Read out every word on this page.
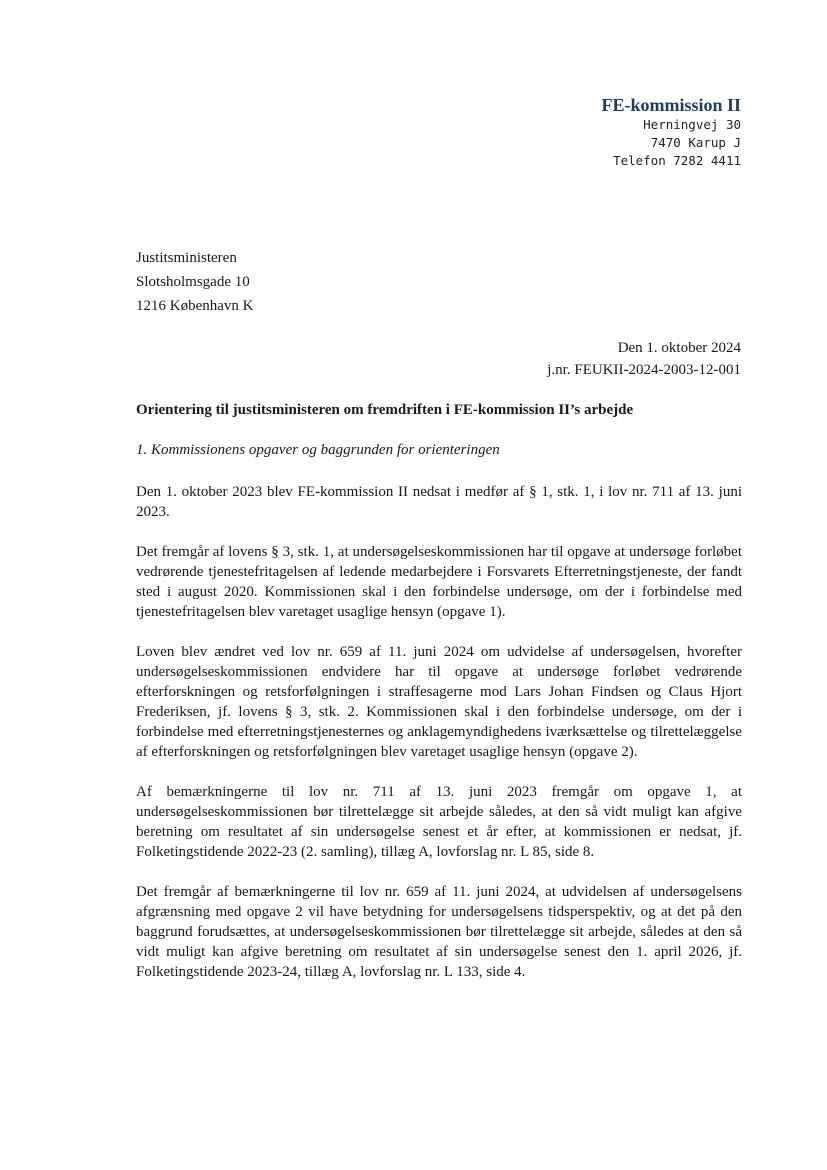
FE-kommission II
Herningvej 30
7470 Karup J
Telefon 7282 4411
Justitsministeren
Slotsholmsgade 10
1216 København K
Den 1. oktober 2024
j.nr. FEUKII-2024-2003-12-001
Orientering til justitsministeren om fremdriften i FE-kommission II’s arbejde
1. Kommissionens opgaver og baggrunden for orienteringen

Den 1. oktober 2023 blev FE-kommission II nedsat i medfør af § 1, stk. 1, i lov nr. 711 af 13. juni 2023.

Det fremgår af lovens § 3, stk. 1, at undersøgelseskommissionen har til opgave at undersøge forløbet vedrørende tjenestefritagelsen af ledende medarbejdere i Forsvarets Efterretningstjeneste, der fandt sted i august 2020. Kommissionen skal i den forbindelse undersøge, om der i forbindelse med tjenestefritagelsen blev varetaget usaglige hensyn (opgave 1).

Loven blev ændret ved lov nr. 659 af 11. juni 2024 om udvidelse af undersøgelsen, hvorefter undersøgelseskommissionen endvidere har til opgave at undersøge forløbet vedrørende efterforskningen og retsforfølgningen i straffesagerne mod Lars Johan Findsen og Claus Hjort Frederiksen, jf. lovens § 3, stk. 2. Kommissionen skal i den forbindelse undersøge, om der i forbindelse med efterretningstjenesternes og anklagemyndighedens iværksættelse og tilrettelæggelse af efterforskningen og retsforfølgningen blev varetaget usaglige hensyn (opgave 2).

Af bemærkningerne til lov nr. 711 af 13. juni 2023 fremgår om opgave 1, at undersøgelseskommissionen bør tilrettelægge sit arbejde således, at den så vidt muligt kan afgive beretning om resultatet af sin undersøgelse senest et år efter, at kommissionen er nedsat, jf. Folketingstidende 2022-23 (2. samling), tillæg A, lovforslag nr. L 85, side 8.

Det fremgår af bemærkningerne til lov nr. 659 af 11. juni 2024, at udvidelsen af undersøgelsens afgrænsning med opgave 2 vil have betydning for undersøgelsens tidsperspektiv, og at det på den baggrund forudsættes, at undersøgelseskommissionen bør tilrettelægge sit arbejde, således at den så vidt muligt kan afgive beretning om resultatet af sin undersøgelse senest den 1. april 2026, jf. Folketingstidende 2023-24, tillæg A, lovforslag nr. L 133, side 4.
